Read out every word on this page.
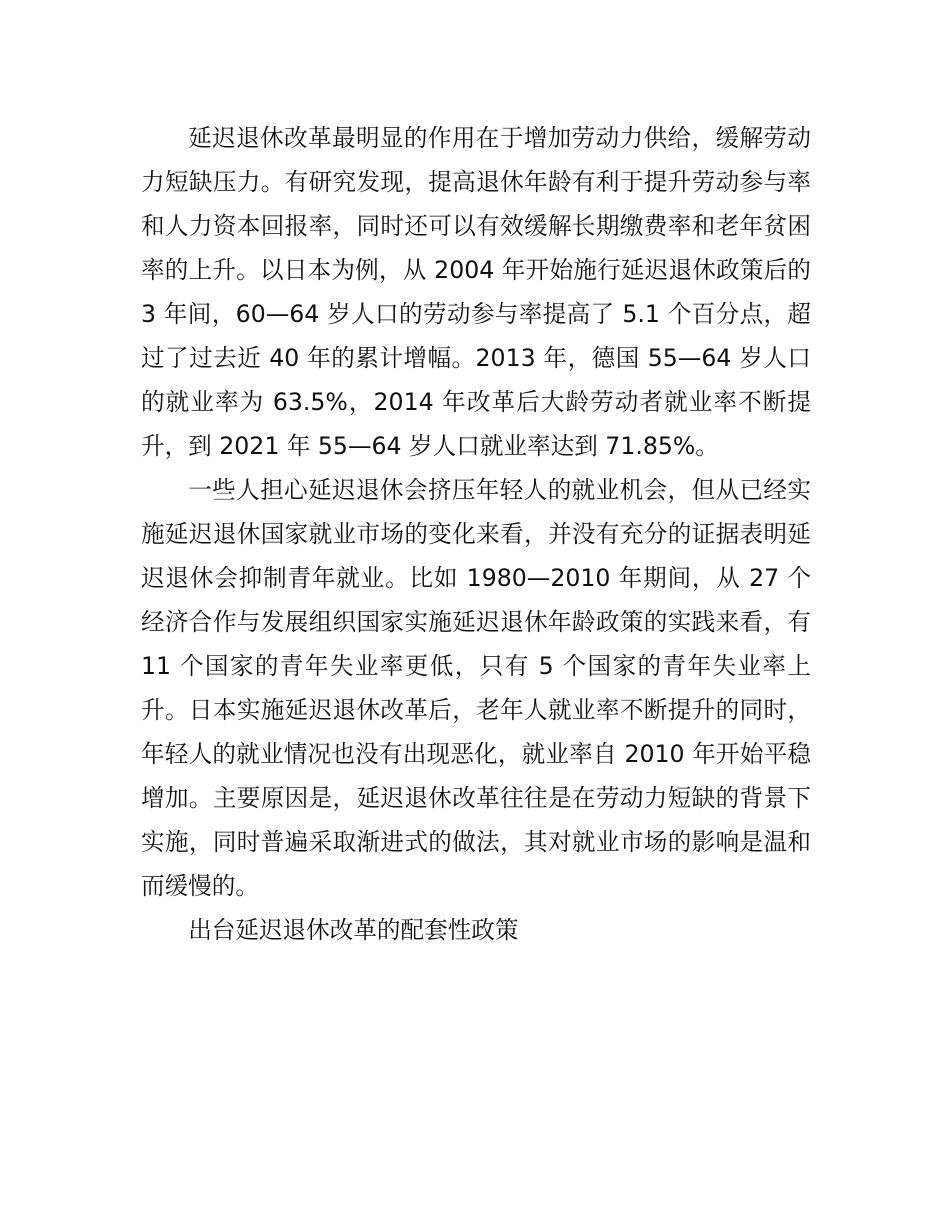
延迟退休改革最明显的作用在于增加劳动力供给，缓解劳动力短缺压力。有研究发现，提高退休年龄有利于提升劳动参与率和人力资本回报率，同时还可以有效缓解长期缴费率和老年贫困率的上升。以日本为例，从 2004 年开始施行延迟退休政策后的 3 年间，60—64 岁人口的劳动参与率提高了 5.1 个百分点，超过了过去近 40 年的累计增幅。2013 年，德国 55—64 岁人口的就业率为 63.5%，2014 年改革后大龄劳动者就业率不断提升，到 2021 年 55—64 岁人口就业率达到 71.85%。

一些人担心延迟退休会挤压年轻人的就业机会，但从已经实施延迟退休国家就业市场的变化来看，并没有充分的证据表明延迟退休会抑制青年就业。比如 1980—2010 年期间，从 27 个经济合作与发展组织国家实施延迟退休年龄政策的实践来看，有 11 个国家的青年失业率更低，只有 5 个国家的青年失业率上升。日本实施延迟退休改革后，老年人就业率不断提升的同时，年轻人的就业情况也没有出现恶化，就业率自 2010 年开始平稳增加。主要原因是，延迟退休改革往往是在劳动力短缺的背景下实施，同时普遍采取渐进式的做法，其对就业市场的影响是温和而缓慢的。

出台延迟退休改革的配套性政策
